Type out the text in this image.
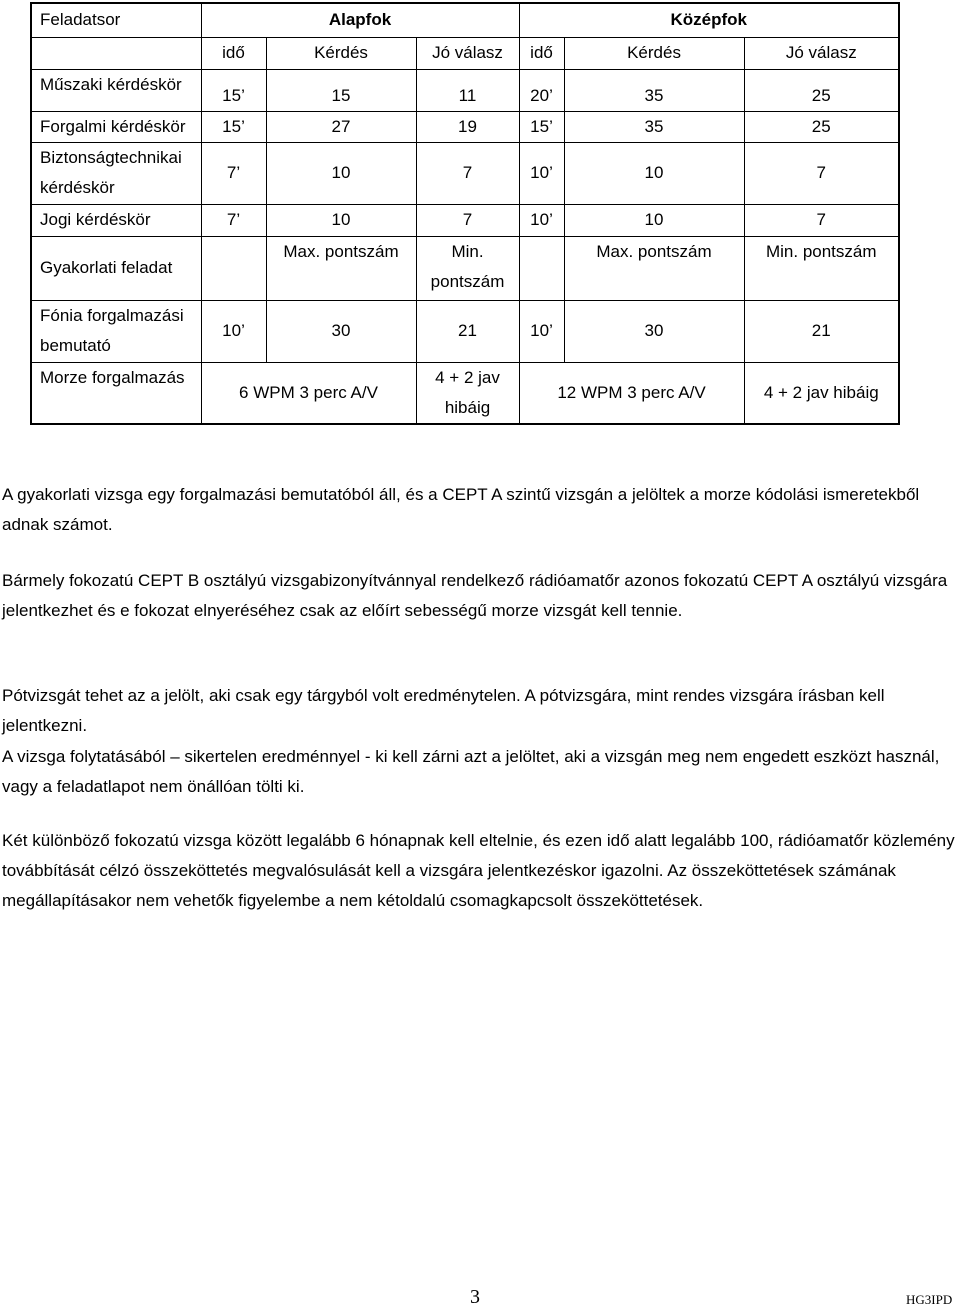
Feladatsor	Alapfok			Középfok		
	idő	Kérdés	Jó válasz	idő	Kérdés	Jó válasz
Műszaki kérdéskör	15’	15	11	20’	35	25
Forgalmi kérdéskör	15’	27	19	15’	35	25
Biztonságtechnikai kérdéskör	7’	10	7	10’	10	7
Jogi kérdéskör	7’	10	7	10’	10	7
Gyakorlati feladat		Max. pontszám	Min. pontszám		Max. pontszám	Min. pontszám
Fónia forgalmazási bemutató	10’	30	21	10’	30	21
Morze forgalmazás	6 WPM 3 perc A/V		4 + 2 jav hibáig	12 WPM 3 perc A/V		4 + 2 jav hibáig

A gyakorlati vizsga egy forgalmazási bemutatóból áll, és a CEPT A szintű vizsgán a jelöltek a morze kódolási ismeretekből adnak számot.

Bármely fokozatú CEPT B osztályú vizsgabizonyítvánnyal rendelkező rádióamatőr azonos fokozatú CEPT A osztályú vizsgára jelentkezhet és e fokozat elnyeréséhez csak az előírt sebességű morze vizsgát kell tennie.

Pótvizsgát tehet az a jelölt, aki csak egy tárgyból volt eredménytelen. A pótvizsgára, mint rendes vizsgára írásban kell jelentkezni.

A vizsga folytatásából – sikertelen eredménnyel - ki kell zárni azt a jelöltet, aki a vizsgán meg nem engedett eszközt használ, vagy a feladatlapot nem önállóan tölti ki.

Két különböző fokozatú vizsga között legalább 6 hónapnak kell eltelnie, és ezen idő alatt legalább 100, rádióamatőr közlemény továbbítását célzó összeköttetés megvalósulását kell a vizsgára jelentkezéskor igazolni. Az összeköttetések számának megállapításakor nem vehetők figyelembe a nem kétoldalú csomagkapcsolt összeköttetések.

3	HG3IPD
